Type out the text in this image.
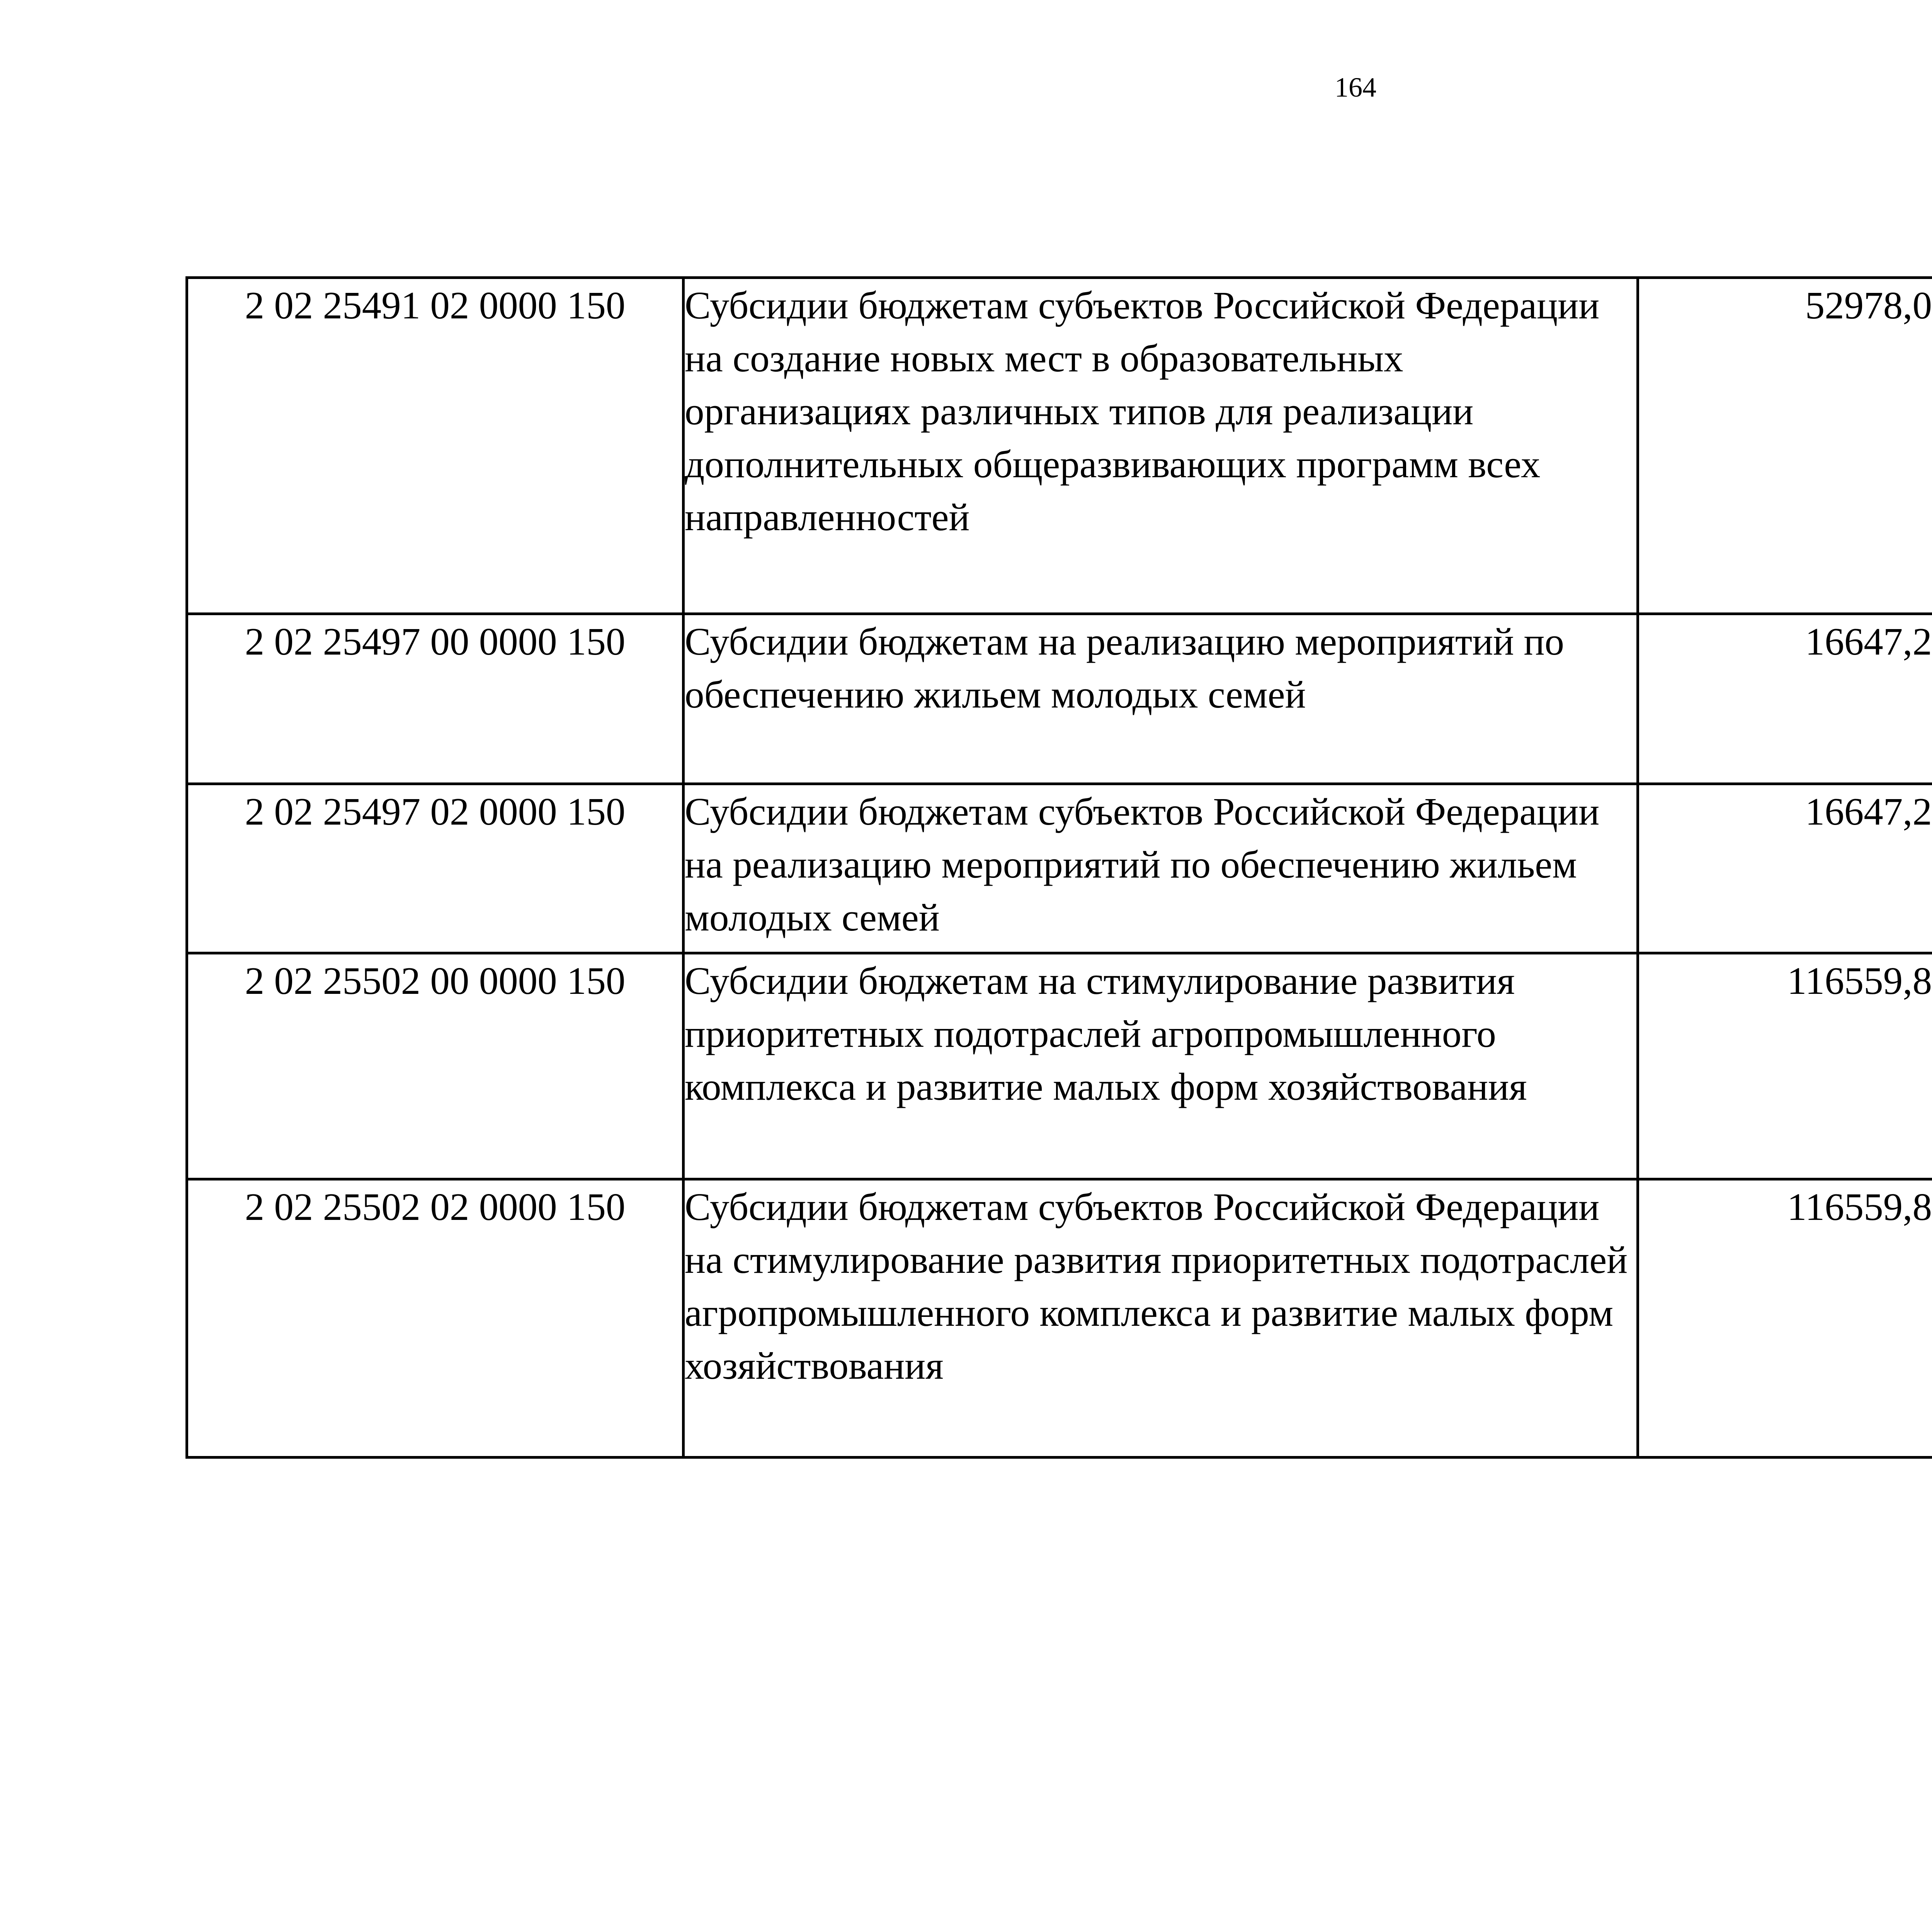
164
2 02 25491 02 0000 150	Субсидии бюджетам субъектов Российской Федерации на создание новых мест в образовательных организациях различных типов для реализации дополнительных общеразвивающих программ всех направленностей	52978,0		
2 02 25497 00 0000 150	Субсидии бюджетам на реализацию мероприятий по обеспечению жильем молодых семей	16647,2		
2 02 25497 02 0000 150	Субсидии бюджетам субъектов Российской Федерации на реализацию мероприятий по обеспечению жильем молодых семей	16647,2		
2 02 25502 00 0000 150	Субсидии бюджетам на стимулирование развития приоритетных подотраслей агропромышленного комплекса и развитие малых форм хозяйствования	116559,8		
2 02 25502 02 0000 150	Субсидии бюджетам субъектов Российской Федерации на стимулирование развития приоритетных подотраслей агропромышленного комплекса и развитие малых форм хозяйствования	116559,8		
